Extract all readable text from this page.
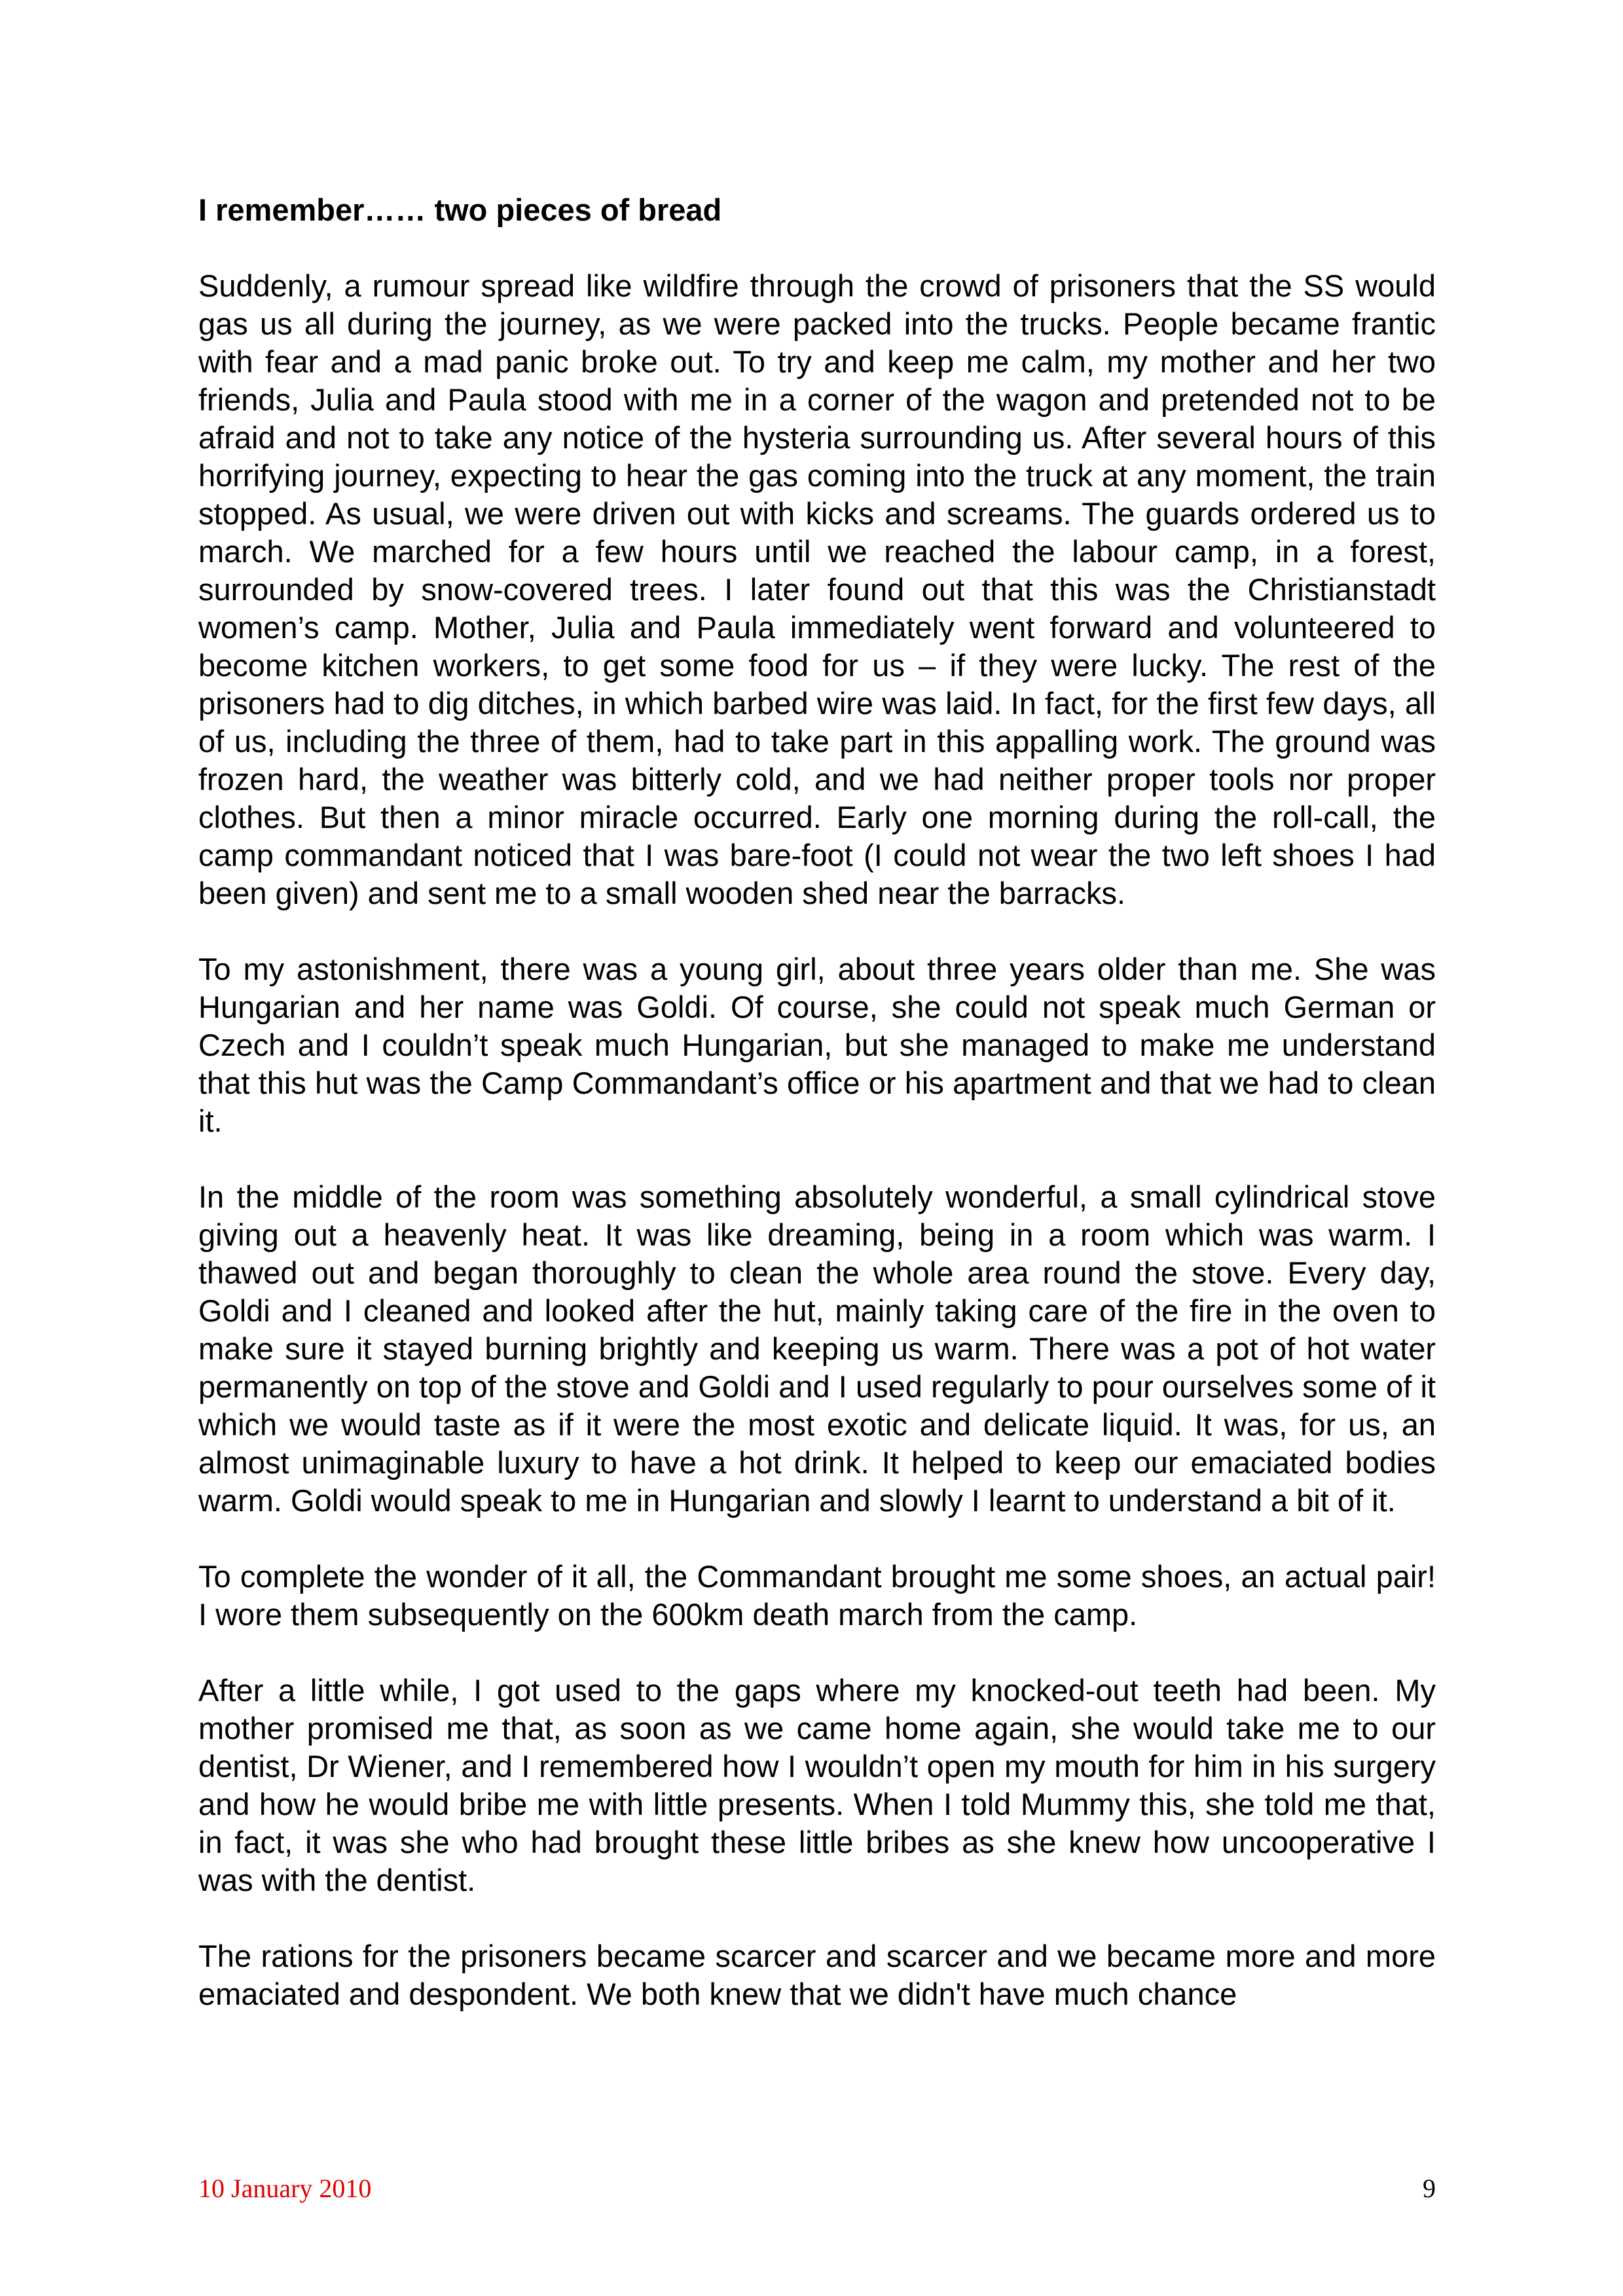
I remember…… two pieces of bread

Suddenly, a rumour spread like wildfire through the crowd of prisoners that the SS would gas us all during the journey, as we were packed into the trucks. People became frantic with fear and a mad panic broke out. To try and keep me calm, my mother and her two friends, Julia and Paula stood with me in a corner of the wagon and pretended not to be afraid and not to take any notice of the hysteria surrounding us. After several hours of this horrifying journey, expecting to hear the gas coming into the truck at any moment, the train stopped. As usual, we were driven out with kicks and screams. The guards ordered us to march. We marched for a few hours until we reached the labour camp, in a forest, surrounded by snow-covered trees. I later found out that this was the Christianstadt women’s camp. Mother, Julia and Paula immediately went forward and volunteered to become kitchen workers, to get some food for us – if they were lucky. The rest of the prisoners had to dig ditches, in which barbed wire was laid. In fact, for the first few days, all of us, including the three of them, had to take part in this appalling work. The ground was frozen hard, the weather was bitterly cold, and we had neither proper tools nor proper clothes. But then a minor miracle occurred. Early one morning during the roll-call, the camp commandant noticed that I was bare-foot (I could not wear the two left shoes I had been given) and sent me to a small wooden shed near the barracks.

To my astonishment, there was a young girl, about three years older than me. She was Hungarian and her name was Goldi. Of course, she could not speak much German or Czech and I couldn’t speak much Hungarian, but she managed to make me understand that this hut was the Camp Commandant’s office or his apartment and that we had to clean it.

In the middle of the room was something absolutely wonderful, a small cylindrical stove giving out a heavenly heat. It was like dreaming, being in a room which was warm. I thawed out and began thoroughly to clean the whole area round the stove. Every day, Goldi and I cleaned and looked after the hut, mainly taking care of the fire in the oven to make sure it stayed burning brightly and keeping us warm. There was a pot of hot water permanently on top of the stove and Goldi and I used regularly to pour ourselves some of it which we would taste as if it were the most exotic and delicate liquid. It was, for us, an almost unimaginable luxury to have a hot drink. It helped to keep our emaciated bodies warm. Goldi would speak to me in Hungarian and slowly I learnt to understand a bit of it.

To complete the wonder of it all, the Commandant brought me some shoes, an actual pair! I wore them subsequently on the 600km death march from the camp.

After a little while, I got used to the gaps where my knocked-out teeth had been. My mother promised me that, as soon as we came home again, she would take me to our dentist, Dr Wiener, and I remembered how I wouldn’t open my mouth for him in his surgery and how he would bribe me with little presents. When I told Mummy this, she told me that, in fact, it was she who had brought these little bribes as she knew how uncooperative I was with the dentist.

The rations for the prisoners became scarcer and scarcer and we became more and more emaciated and despondent. We both knew that we didn't have much chance

10 January 2010	9
